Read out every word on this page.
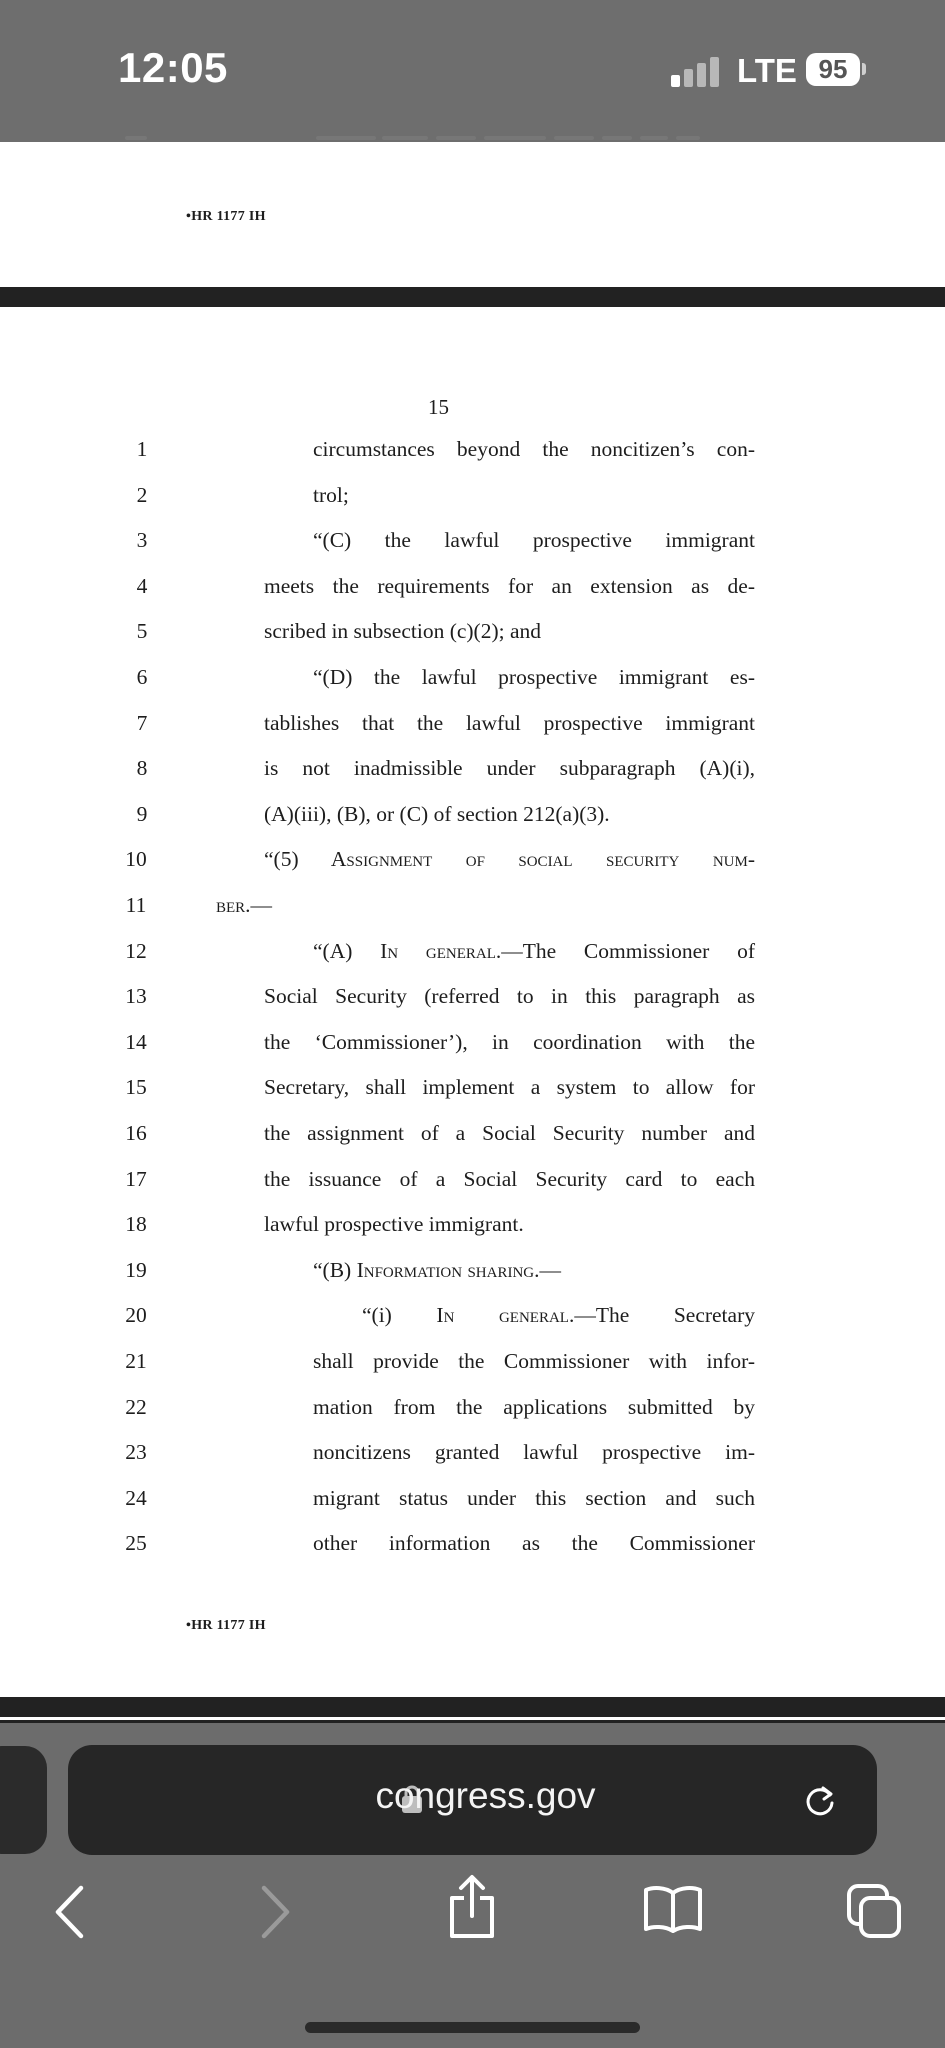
12:05	LTE 95
•HR 1177 IH
15
1	circumstances beyond the noncitizen’s con-
2	trol;
3	“(C) the lawful prospective immigrant
4	meets the requirements for an extension as de-
5	scribed in subsection (c)(2); and
6	“(D) the lawful prospective immigrant es-
7	tablishes that the lawful prospective immigrant
8	is not inadmissible under subparagraph (A)(i),
9	(A)(iii), (B), or (C) of section 212(a)(3).
10	“(5) Assignment of social security num-
11	ber.—
12	“(A) In general.—The Commissioner of
13	Social Security (referred to in this paragraph as
14	the ‘Commissioner’), in coordination with the
15	Secretary, shall implement a system to allow for
16	the assignment of a Social Security number and
17	the issuance of a Social Security card to each
18	lawful prospective immigrant.
19	“(B) Information sharing.—
20	“(i) In general.—The Secretary
21	shall provide the Commissioner with infor-
22	mation from the applications submitted by
23	noncitizens granted lawful prospective im-
24	migrant status under this section and such
25	other information as the Commissioner
•HR 1177 IH
congress.gov
